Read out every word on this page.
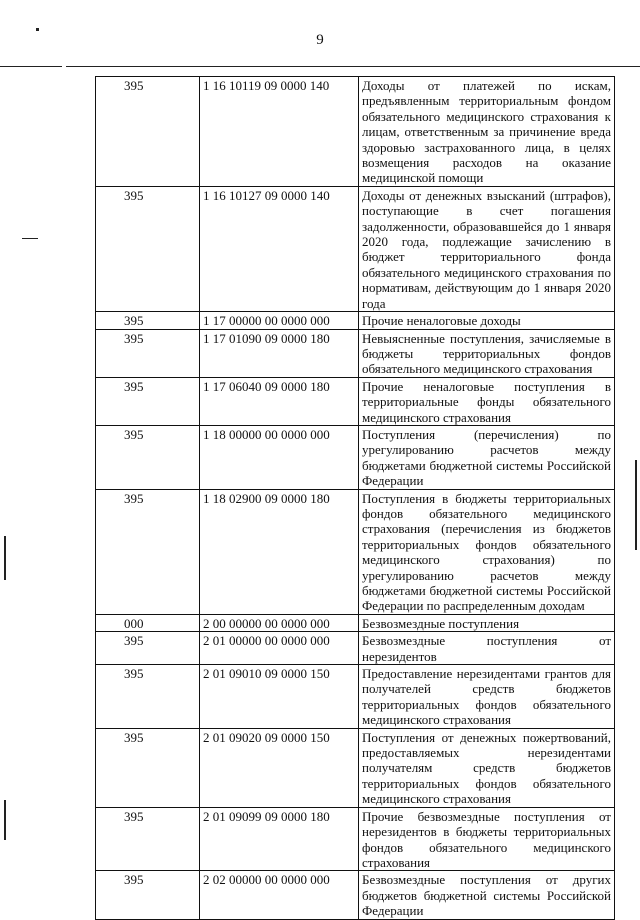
9
395	1 16 10119 09 0000 140	Доходы от платежей по искам, предъявленным территориальным фондом обязательного медицинского страхования к лицам, ответственным за причинение вреда здоровью застрахованного лица, в целях возмещения расходов на оказание медицинской помощи
395	1 16 10127 09 0000 140	Доходы от денежных взысканий (штрафов), поступающие в счет погашения задолженности, образовавшейся до 1 января 2020 года, подлежащие зачислению в бюджет территориального фонда обязательного медицинского страхования по нормативам, действующим до 1 января 2020 года
395	1 17 00000 00 0000 000	Прочие неналоговые доходы
395	1 17 01090 09 0000 180	Невыясненные поступления, зачисляемые в бюджеты территориальных фондов обязательного медицинского страхования
395	1 17 06040 09 0000 180	Прочие неналоговые поступления в территориальные фонды обязательного медицинского страхования
395	1 18 00000 00 0000 000	Поступления (перечисления) по урегулированию расчетов между бюджетами бюджетной системы Российской Федерации
395	1 18 02900 09 0000 180	Поступления в бюджеты территориальных фондов обязательного медицинского страхования (перечисления из бюджетов территориальных фондов обязательного медицинского страхования) по урегулированию расчетов между бюджетами бюджетной системы Российской Федерации по распределенным доходам
000	2 00 00000 00 0000 000	Безвозмездные поступления
395	2 01 00000 00 0000 000	Безвозмездные поступления от нерезидентов
395	2 01 09010 09 0000 150	Предоставление нерезидентами грантов для получателей средств бюджетов территориальных фондов обязательного медицинского страхования
395	2 01 09020 09 0000 150	Поступления от денежных пожертвований, предоставляемых нерезидентами получателям средств бюджетов территориальных фондов обязательного медицинского страхования
395	2 01 09099 09 0000 180	Прочие безвозмездные поступления от нерезидентов в бюджеты территориальных фондов обязательного медицинского страхования
395	2 02 00000 00 0000 000	Безвозмездные поступления от других бюджетов бюджетной системы Российской Федерации
